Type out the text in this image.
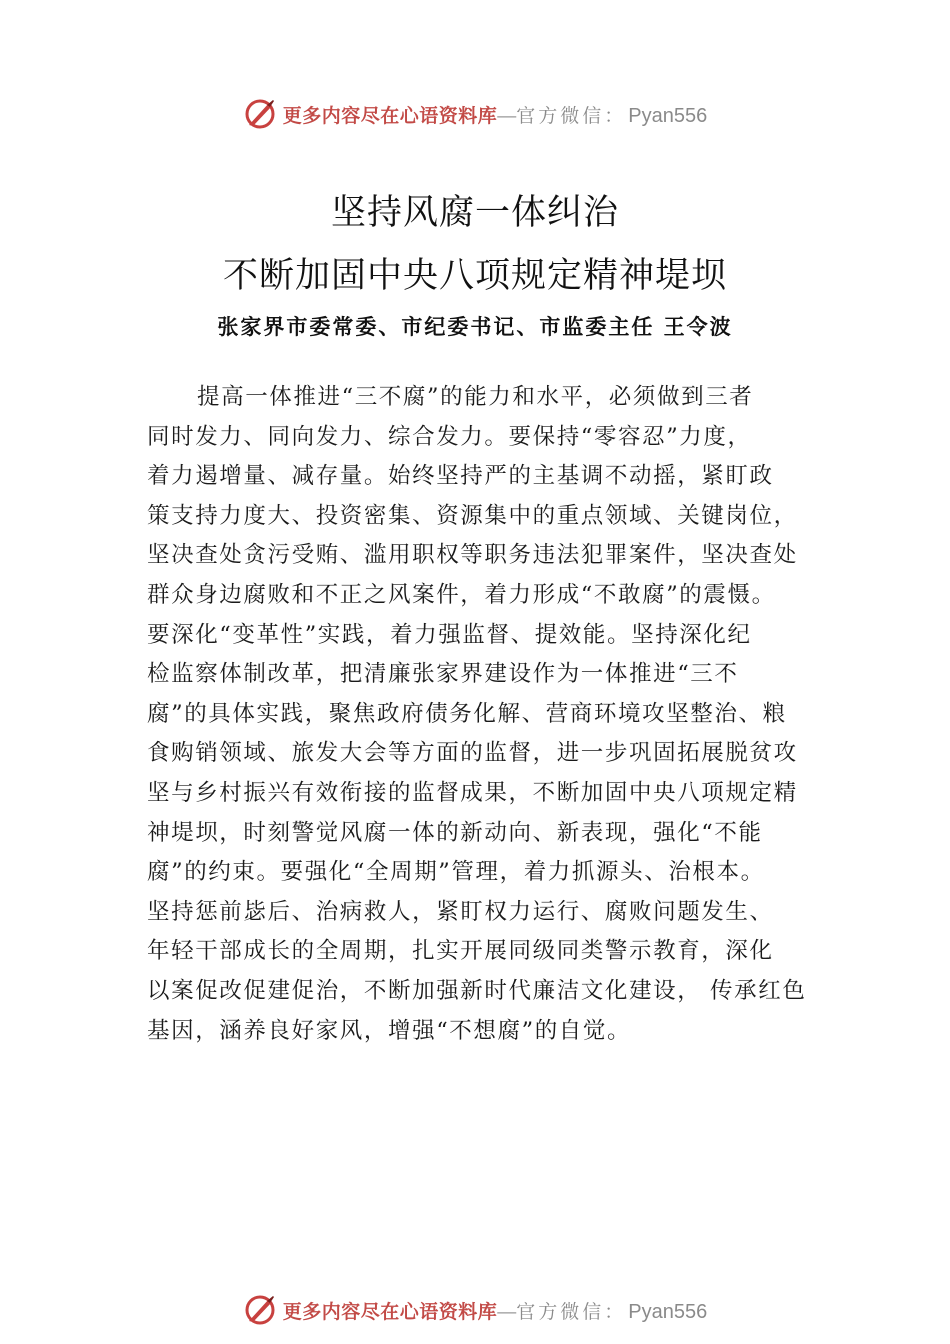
更多内容尽在心语资料库 — 官方微信： Pyan556
坚持风腐一体纠治
不断加固中央八项规定精神堤坝
张家界市委常委、市纪委书记、市监委主任 王令波
提高一体推进“三不腐”的能力和水平，必须做到三者
同时发力、同向发力、综合发力。要保持“零容忍”力度，
着力遏增量、减存量。始终坚持严的主基调不动摇，紧盯政
策支持力度大、投资密集、资源集中的重点领域、关键岗位，
坚决查处贪污受贿、滥用职权等职务违法犯罪案件，坚决查处
群众身边腐败和不正之风案件，着力形成“不敢腐”的震慑。
要深化“变革性”实践，着力强监督、提效能。坚持深化纪
检监察体制改革，把清廉张家界建设作为一体推进“三不
腐”的具体实践，聚焦政府债务化解、营商环境攻坚整治、粮
食购销领域、旅发大会等方面的监督，进一步巩固拓展脱贫攻
坚与乡村振兴有效衔接的监督成果，不断加固中央八项规定精
神堤坝，时刻警觉风腐一体的新动向、新表现，强化“不能
腐”的约束。要强化“全周期”管理，着力抓源头、治根本。
坚持惩前毖后、治病救人，紧盯权力运行、腐败问题发生、
年轻干部成长的全周期，扎实开展同级同类警示教育，深化
以案促改促建促治，不断加强新时代廉洁文化建设， 传承红色
基因，涵养良好家风，增强“不想腐”的自觉。
更多内容尽在心语资料库 — 官方微信： Pyan556
